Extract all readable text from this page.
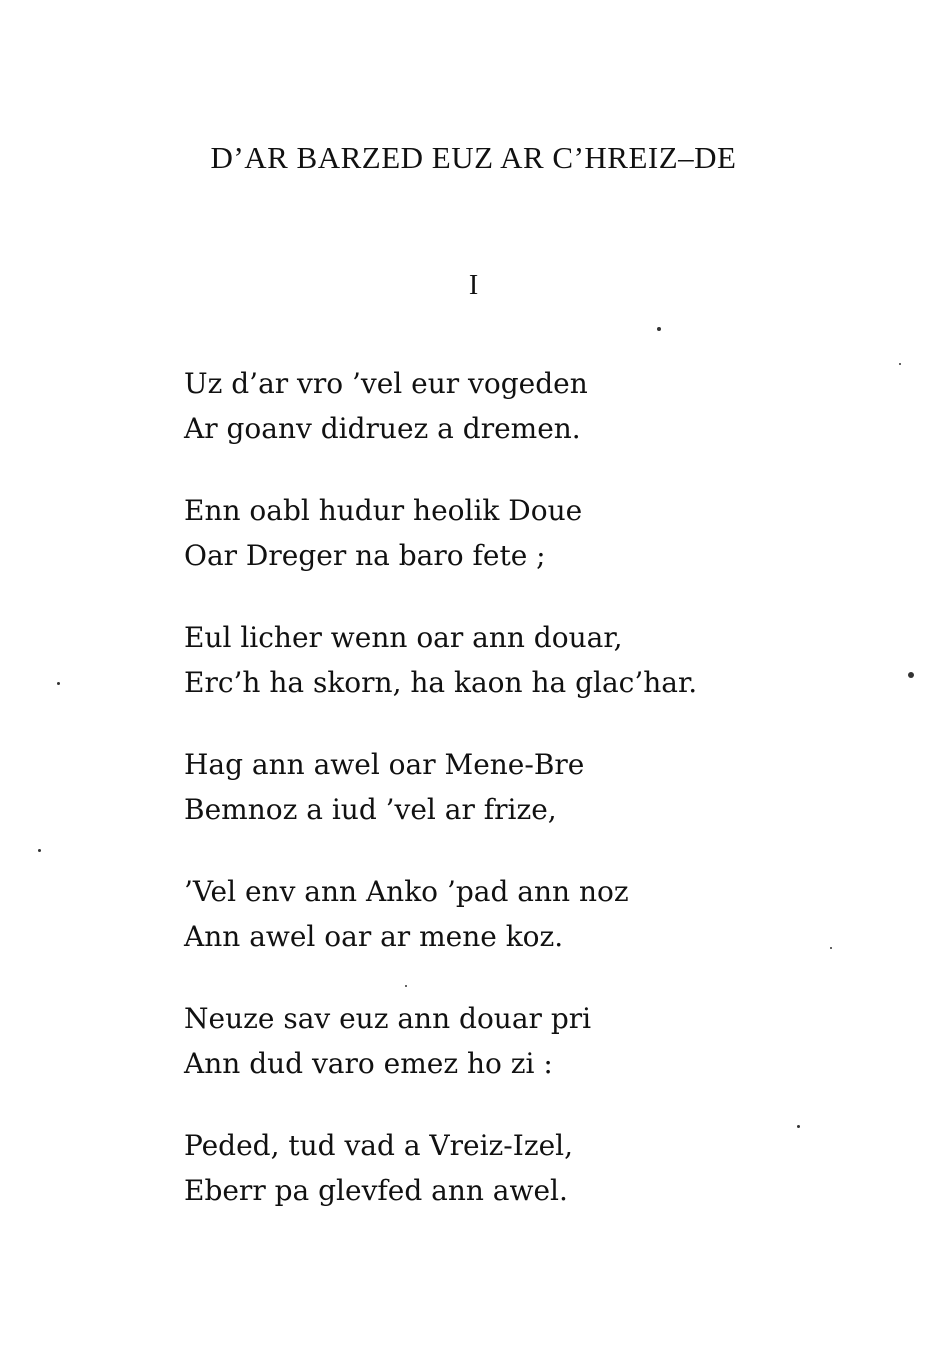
D’AR BARZED EUZ AR C’HREIZ–DE
I
Uz d’ar vro ’vel eur vogeden
Ar goanv didruez a dremen.
Enn oabl hudur heolik Doue
Oar Dreger na baro fete ;
Eul licher wenn oar ann douar,
Erc’h ha skorn, ha kaon ha glac’har.
Hag ann awel oar Mene-Bre
Bemnoz a iud ’vel ar frize,
’Vel env ann Anko ’pad ann noz
Ann awel oar ar mene koz.
Neuze sav euz ann douar pri
Ann dud varo emez ho zi :
Peded, tud vad a Vreiz-Izel,
Eberr pa glevfed ann awel.
